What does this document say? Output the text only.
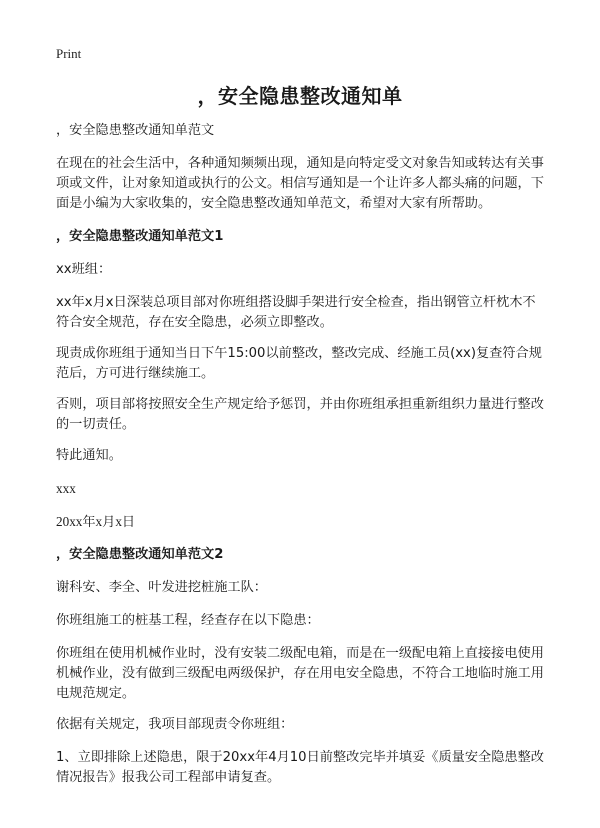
Print
，安全隐患整改通知单

，安全隐患整改通知单范文

在现在的社会生活中，各种通知频频出现，通知是向特定受文对象告知或转达有关事项或文件，让对象知道或执行的公文。相信写通知是一个让许多人都头痛的问题，下面是小编为大家收集的，安全隐患整改通知单范文，希望对大家有所帮助。

，安全隐患整改通知单范文1

xx班组：

xx年x月x日深装总项目部对你班组搭设脚手架进行安全检查，指出钢管立杆枕木不符合安全规范，存在安全隐患，必须立即整改。

现责成你班组于通知当日下午15:00以前整改，整改完成、经施工员(xx)复查符合规范后，方可进行继续施工。

否则，项目部将按照安全生产规定给予惩罚，并由你班组承担重新组织力量进行整改的一切责任。

特此通知。

xxx

20xx年x月x日

，安全隐患整改通知单范文2

谢科安、李全、叶发进挖桩施工队：

你班组施工的桩基工程，经查存在以下隐患：

你班组在使用机械作业时，没有安装二级配电箱，而是在一级配电箱上直接接电使用机械作业，没有做到三级配电两级保护，存在用电安全隐患，不符合工地临时施工用电规范规定。

依据有关规定，我项目部现责令你班组：

1、立即排除上述隐患，限于20xx年4月10日前整改完毕并填妥《质量安全隐患整改情况报告》报我公司工程部申请复查。
